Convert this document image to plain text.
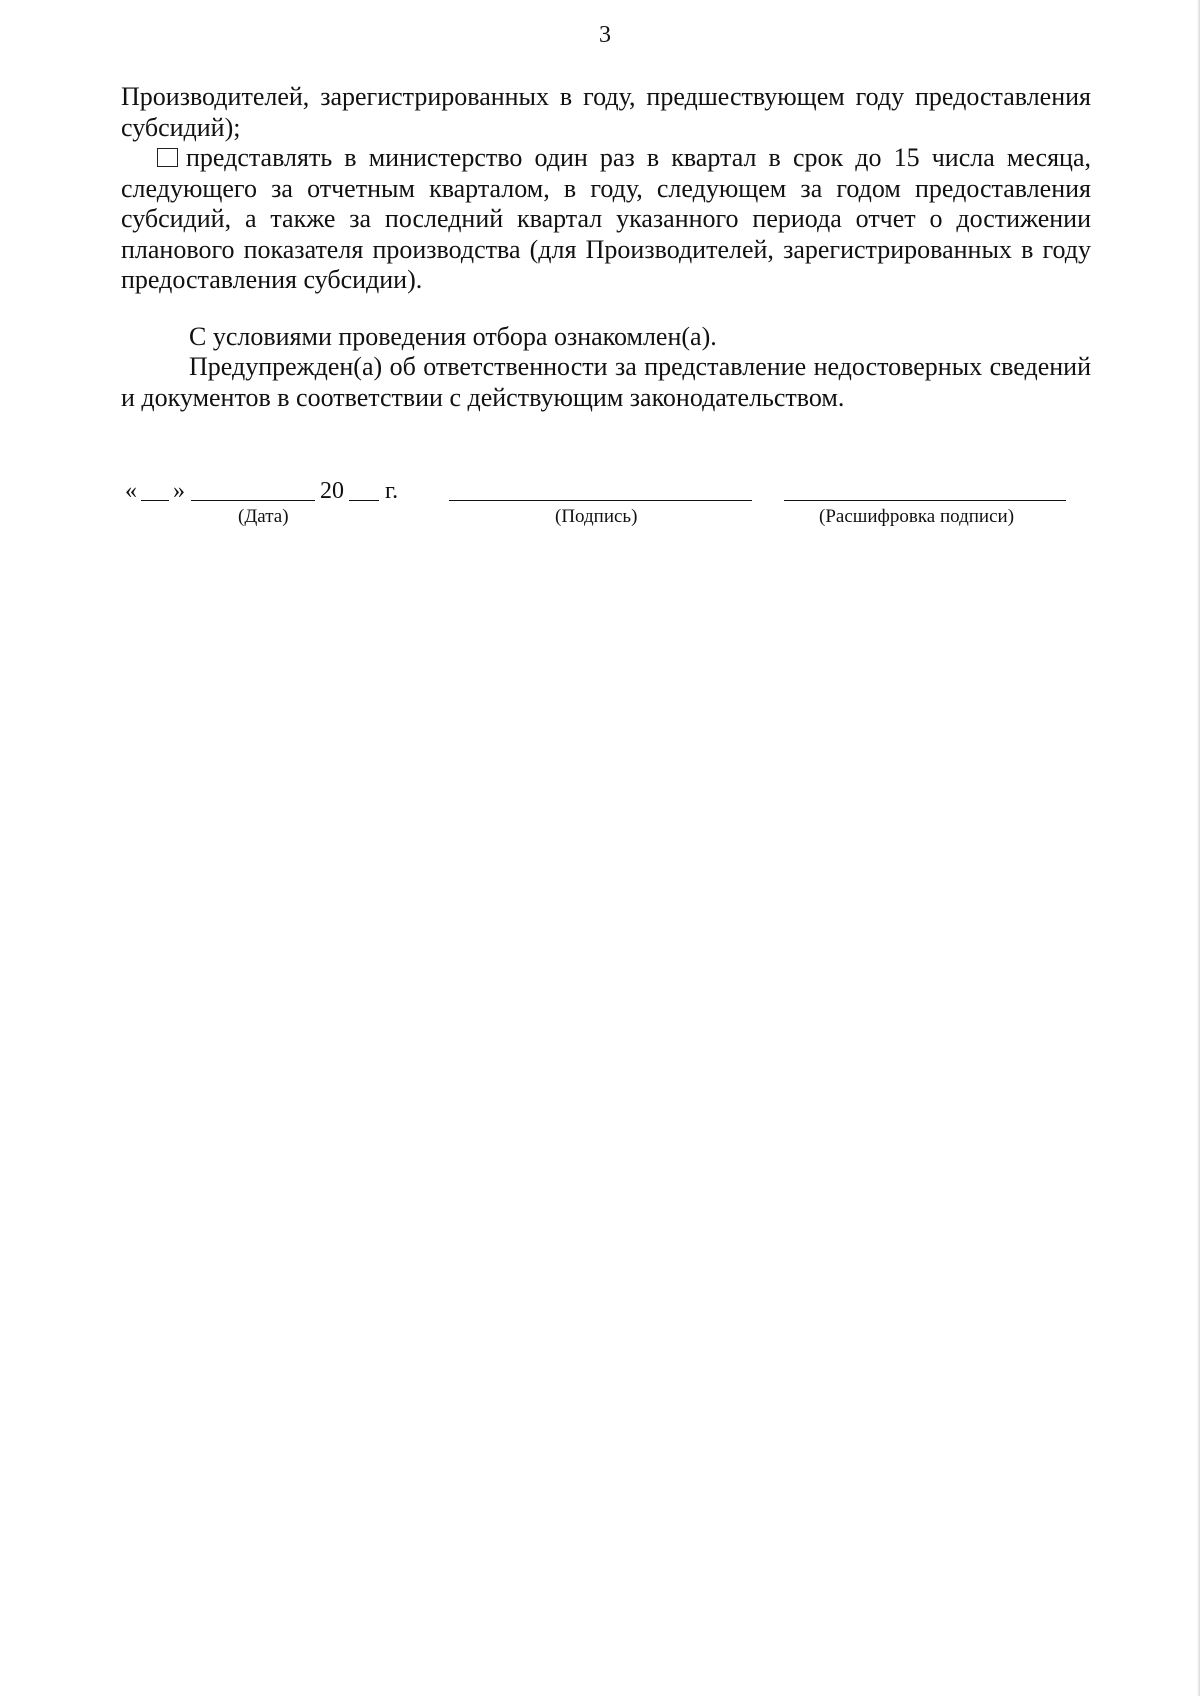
3

Производителей, зарегистрированных в году, предшествующем году предоставления субсидий);

представлять в министерство один раз в квартал в срок до 15 числа месяца, следующего за отчетным кварталом, в году, следующем за годом предоставления субсидий, а также за последний квартал указанного периода отчет о достижении планового показателя производства (для Производителей, зарегистрированных в году предоставления субсидии).

С условиями проведения отбора ознакомлен(а).

Предупрежден(а) об ответственности за представление недостоверных сведений и документов в соответствии с действующим законодательством.

« »	20 г.
(Дата)	(Подпись)	(Расшифровка подписи)
